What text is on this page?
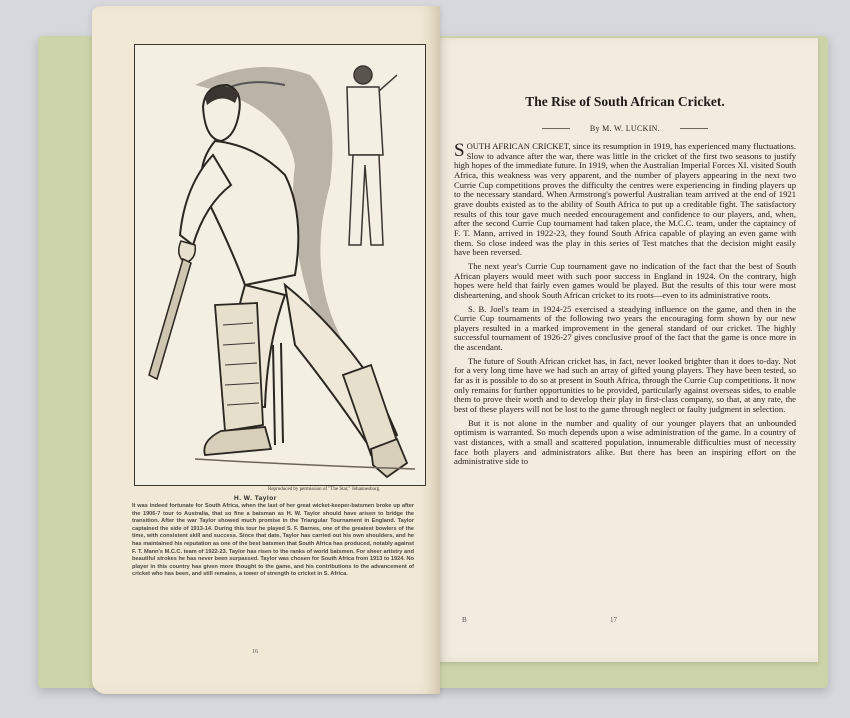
The Rise of South African Cricket.
By M. W. LUCKIN.

SOUTH AFRICAN CRICKET, since its resumption in 1919, has experienced many fluctuations. Slow to advance after the war, there was little in the cricket of the first two seasons to justify high hopes of the immediate future. In 1919, when the Australian Imperial Forces XI. visited South Africa, this weakness was very apparent, and the number of players appearing in the next two Currie Cup competitions proves the difficulty the centres were experiencing in finding players up to the necessary standard. When Armstrong's powerful Australian team arrived at the end of 1921 grave doubts existed as to the ability of South Africa to put up a creditable fight. The satisfactory results of this tour gave much needed encouragement and confidence to our players, and, when, after the second Currie Cup tournament had taken place, the M.C.C. team, under the captaincy of F. T. Mann, arrived in 1922-23, they found South Africa capable of playing an even game with them. So close indeed was the play in this series of Test matches that the decision might easily have been reversed.

The next year's Currie Cup tournament gave no indication of the fact that the best of South African players would meet with such poor success in England in 1924. On the contrary, high hopes were held that fairly even games would be played. But the results of this tour were most disheartening, and shook South African cricket to its roots—even to its administrative roots.

S. B. Joel's team in 1924-25 exercised a steadying influence on the game, and then in the Currie Cup tournaments of the following two years the encouraging form shown by our new players resulted in a marked improvement in the general standard of our cricket. The highly successful tournament of 1926-27 gives conclusive proof of the fact that the game is once more in the ascendant.

The future of South African cricket has, in fact, never looked brighter than it does to-day. Not for a very long time have we had such an array of gifted young players. They have been tested, so far as it is possible to do so at present in South Africa, through the Currie Cup competitions. It now only remains for further opportunities to be provided, particularly against overseas sides, to enable them to prove their worth and to develop their play in first-class company, so that, at any rate, the best of these players will not be lost to the game through neglect or faulty judgment in selection.

But it is not alone in the number and quality of our younger players that an unbounded optimism is warranted. So much depends upon a wise administration of the game. In a country of vast distances, with a small and scattered population, innumerable difficulties must of necessity face both players and administrators alike. But there has been an inspiring effort on the administrative side to

B	17
Reproduced by permission of "The Star," Johannesburg.
H. W. Taylor
It was indeed fortunate for South Africa, when the last of her great wicket-keeper-batsmen broke up after the 1906-7 tour to Australia, that so fine a batsman as H. W. Taylor should have arisen to bridge the transition. After the war Taylor showed much promise in the Triangular Tournament in England. Taylor captained the side of 1913-14. During this tour he played S. F. Barnes, one of the greatest bowlers of the time, with consistent skill and success. Since that date, Taylor has carried out his own shoulders, and he has maintained his reputation as one of the best batsmen that South Africa has produced, notably against F. T. Mann's M.C.C. team of 1922-23. Taylor has risen to the ranks of world batsmen. For sheer artistry and beautiful strokes he has never been surpassed. Taylor was chosen for South Africa from 1913 to 1924. No player in this country has given more thought to the game, and his contributions to the advancement of cricket who has been, and still remains, a tower of strength to cricket in S. Africa.
16
